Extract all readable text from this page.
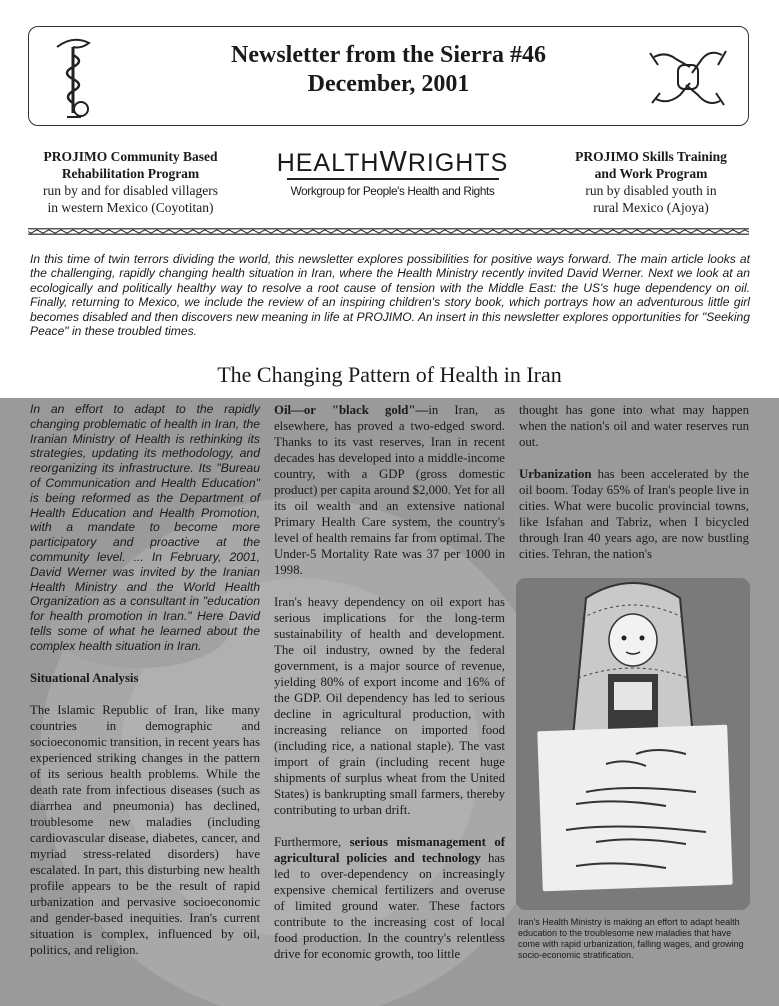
Newsletter from the Sierra #46
December, 2001
PROJIMO Community Based
Rehabilitation Program
run by and for disabled villagers
in western Mexico (Coyotitan)
HEALTHWRIGHTS
Workgroup for People's Health and Rights
PROJIMO Skills Training
and Work Program
run by disabled youth in
rural Mexico (Ajoya)
In this time of twin terrors dividing the world, this newsletter explores possibilities for positive ways forward. The main article looks at the challenging, rapidly changing health situation in Iran, where the Health Ministry recently invited David Werner. Next we look at an ecologically and politically healthy way to resolve a root cause of tension with the Middle East: the US's huge dependency on oil. Finally, returning to Mexico, we include the review of an inspiring children's story book, which portrays how an adventurous little girl becomes disabled and then discovers new meaning in life at PROJIMO. An insert in this newsletter explores opportunities for "Seeking Peace" in these troubled times.
The Changing Pattern of Health in Iran

In an effort to adapt to the rapidly changing problematic of health in Iran, the Iranian Ministry of Health is rethinking its strategies, updating its methodology, and reorganizing its infrastructure. Its "Bureau of Communication and Health Education" is being reformed as the Department of Health Education and Health Promotion, with a mandate to become more participatory and proactive at the community level. ... In February, 2001, David Werner was invited by the Iranian Health Ministry and the World Health Organization as a consultant in "education for health promotion in Iran." Here David tells some of what he learned about the complex health situation in Iran.

Situational Analysis

The Islamic Republic of Iran, like many countries in demographic and socioeconomic transition, in recent years has experienced striking changes in the pattern of its serious health problems. While the death rate from infectious diseases (such as diarrhea and pneumonia) has declined, troublesome new maladies (including cardiovascular disease, diabetes, cancer, and myriad stress-related disorders) have escalated. In part, this disturbing new health profile appears to be the result of rapid urbanization and pervasive socioeconomic and gender-based inequities. Iran's current situation is complex, influenced by oil, politics, and religion.

Oil—or "black gold"—in Iran, as elsewhere, has proved a two-edged sword. Thanks to its vast reserves, Iran in recent decades has developed into a middle-income country, with a GDP (gross domestic product) per capita around $2,000. Yet for all its oil wealth and an extensive national Primary Health Care system, the country's level of health remains far from optimal. The Under-5 Mortality Rate was 37 per 1000 in 1998.

Iran's heavy dependency on oil export has serious implications for the long-term sustainability of health and development. The oil industry, owned by the federal government, is a major source of revenue, yielding 80% of export income and 16% of the GDP. Oil dependency has led to serious decline in agricultural production, with increasing reliance on imported food (including rice, a national staple). The vast import of grain (including recent huge shipments of surplus wheat from the United States) is bankrupting small farmers, thereby contributing to urban drift.

Furthermore, serious mismanagement of agricultural policies and technology has led to over-dependency on increasingly expensive chemical fertilizers and overuse of limited ground water. These factors contribute to the increasing cost of local food production. In the country's relentless drive for economic growth, too little

thought has gone into what may happen when the nation's oil and water reserves run out.

Urbanization has been accelerated by the oil boom. Today 65% of Iran's people live in cities. What were bucolic provincial towns, like Isfahan and Tabriz, when I bicycled through Iran 40 years ago, are now bustling cities. Tehran, the nation's

Iran's Health Ministry is making an effort to adapt health education to the troublesome new maladies that have come with rapid urbanization, falling wages, and growing socio-economic stratification.
